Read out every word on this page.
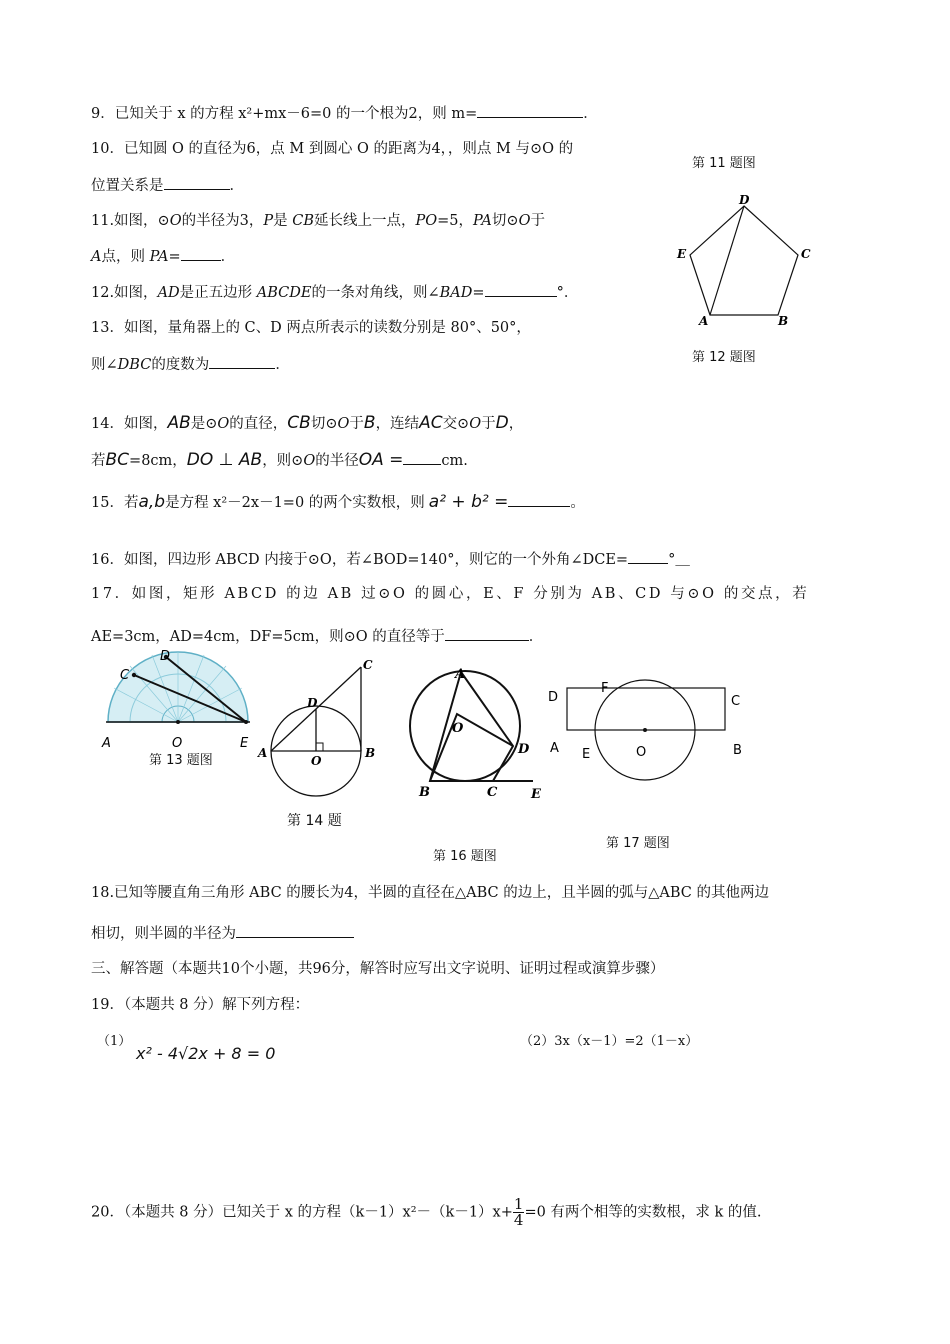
9．已知关于 x 的方程 x²+mx－6=0 的一个根为2，则 m=	．
10．已知圆 O 的直径为6，点 M 到圆心 O 的距离为4，，则点 M 与⊙O 的
位置关系是	．
11.如图，⊙O的半径为3，P是 CB延长线上一点，PO=5，PA切⊙O于
A点，则 PA=	．
12.如图，AD是正五边形 ABCDE的一条对角线，则∠BAD=	°．
13．如图，量角器上的 C、D 两点所表示的读数分别是 80°、50°，
则∠DBC的度数为	．
第 11 题图
D
E	C
A	B
第 12 题图
14．如图，AB是⊙O的直径，CB切⊙O于B，连结AC交⊙O于D，
若BC=8cm，DO ⊥ AB，则⊙O的半径OA =	cm.
15．若a,b是方程 x²－2x－1=0 的两个实数根，则 a² + b² =	。
16．如图，四边形 ABCD 内接于⊙O，若∠BOD=140°，则它的一个外角∠DCE=	°＿
17．如图，矩形 ABCD 的边 AB 过⊙O 的圆心，E、F 分别为 AB、CD 与⊙O 的交点，若
AE=3cm，AD=4cm，DF=5cm，则⊙O 的直径等于	．
D
C
A	O	E
第 13 题图
C
D
A
O
B
第 14 题
A
O
D
B	C	E
第 16 题图
D
F
C
A E	O	B
第 17 题图
18.已知等腰直角三角形 ABC 的腰长为4，半圆的直径在△ABC 的边上，且半圆的弧与△ABC 的其他两边
相切，则半圆的半径为
三、解答题（本题共10个小题，共96分，解答时应写出文字说明、证明过程或演算步骤）
19．（本题共 8 分）解下列方程：
（1）
x² - 4√2x + 8 = 0
（2）3x（x－1）=2（1－x）
20．（本题共 8 分）已知关于 x 的方程$(k-1)x^2-(k-1)x+ \frac{1}{4} =0$ 有两个相等的实数根，求 k 的值.
